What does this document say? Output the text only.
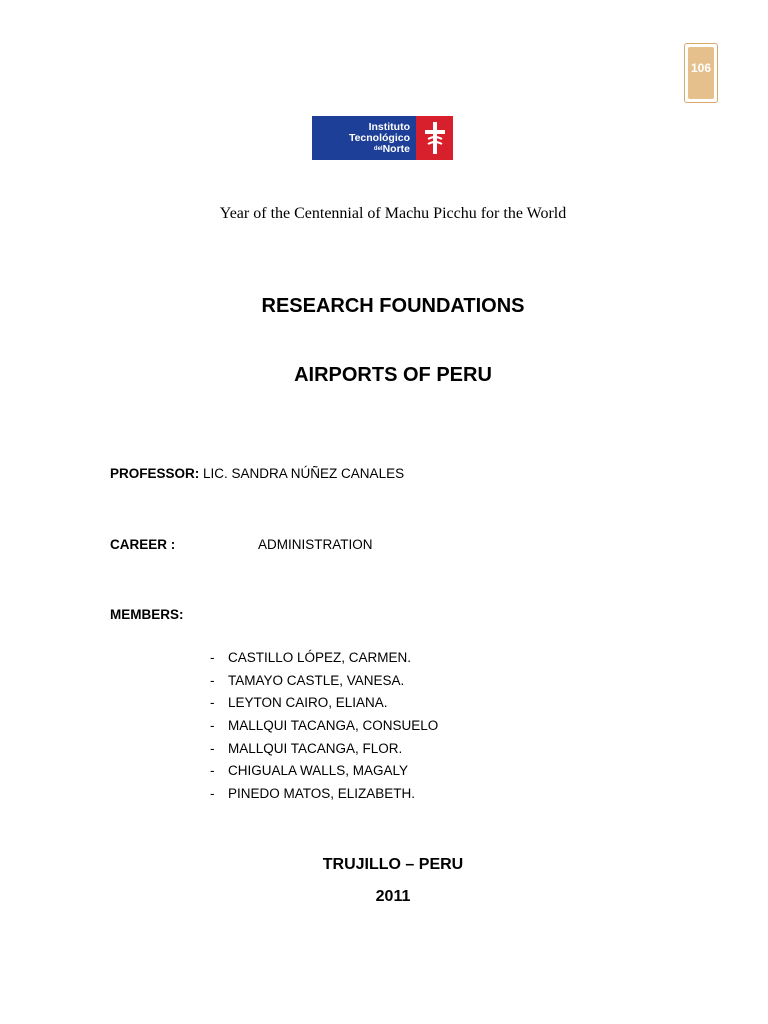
106
Instituto
Tecnológico
$^{del}$Norte
Year of the Centennial of Machu Picchu for the World
RESEARCH FOUNDATIONS
AIRPORTS OF PERU
PROFESSOR: LIC. SANDRA NÚÑEZ CANALES
CAREER :	ADMINISTRATION
MEMBERS:
-	CASTILLO LÓPEZ, CARMEN.
-	TAMAYO CASTLE, VANESA.
-	LEYTON CAIRO, ELIANA.
-	MALLQUI TACANGA, CONSUELO
-	MALLQUI TACANGA, FLOR.
-	CHIGUALA WALLS, MAGALY
-	PINEDO MATOS, ELIZABETH.
TRUJILLO – PERU
2011
